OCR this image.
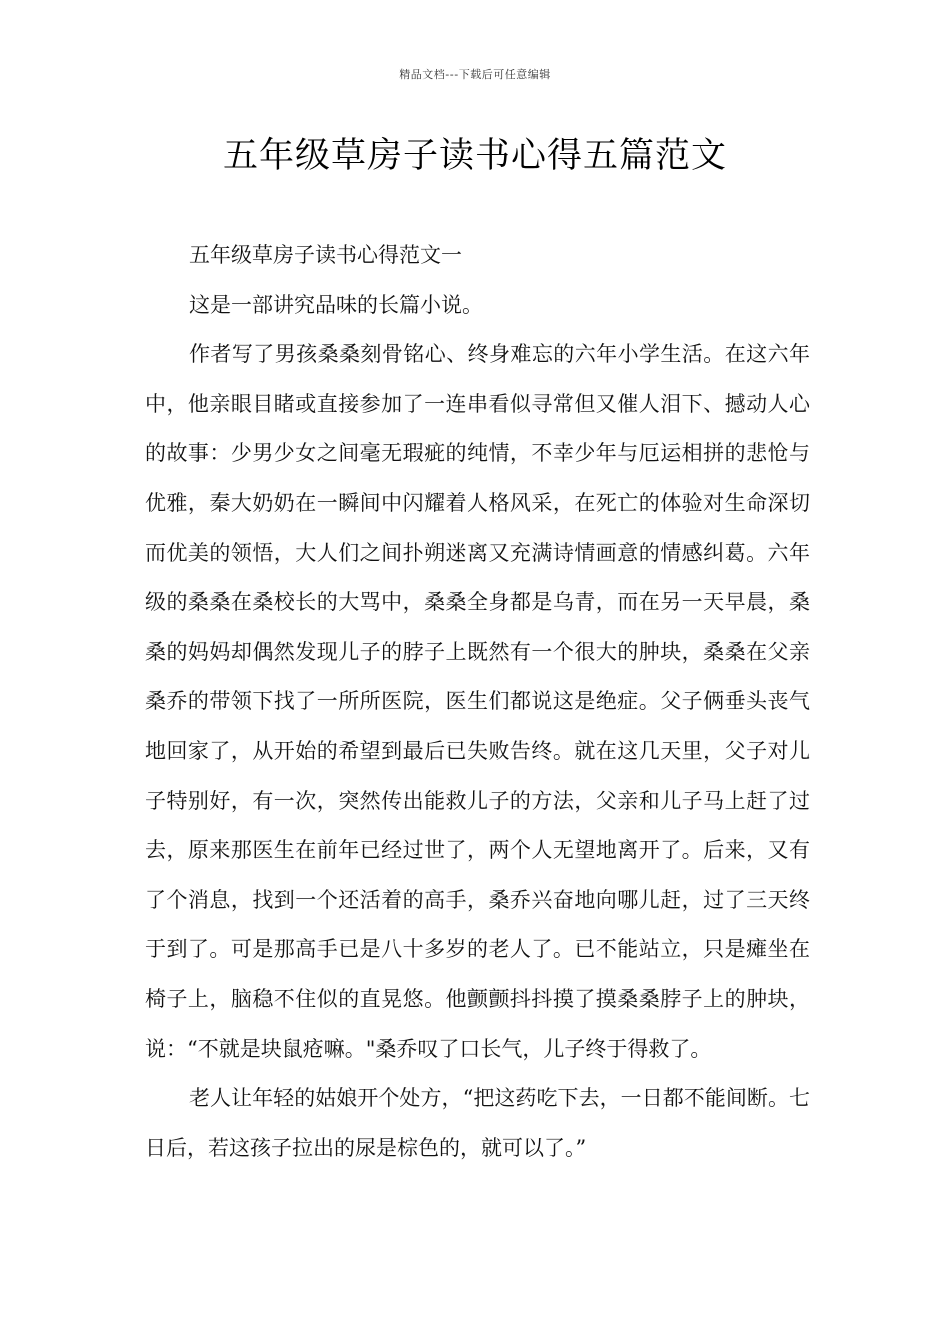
精品文档---下载后可任意编辑
五年级草房子读书心得五篇范文

五年级草房子读书心得范文一

这是一部讲究品味的长篇小说。

作者写了男孩桑桑刻骨铭心、终身难忘的六年小学生活。在这六年中，他亲眼目睹或直接参加了一连串看似寻常但又催人泪下、撼动人心的故事：少男少女之间毫无瑕疵的纯情，不幸少年与厄运相拼的悲怆与优雅，秦大奶奶在一瞬间中闪耀着人格风采，在死亡的体验对生命深切而优美的领悟，大人们之间扑朔迷离又充满诗情画意的情感纠葛。六年级的桑桑在桑校长的大骂中，桑桑全身都是乌青，而在另一天早晨，桑桑的妈妈却偶然发现儿子的脖子上既然有一个很大的肿块，桑桑在父亲桑乔的带领下找了一所所医院，医生们都说这是绝症。父子俩垂头丧气地回家了，从开始的希望到最后已失败告终。就在这几天里，父子对儿子特别好，有一次，突然传出能救儿子的方法，父亲和儿子马上赶了过去，原来那医生在前年已经过世了，两个人无望地离开了。后来，又有了个消息，找到一个还活着的高手，桑乔兴奋地向哪儿赶，过了三天终于到了。可是那高手已是八十多岁的老人了。已不能站立，只是瘫坐在椅子上，脑稳不住似的直晃悠。他颤颤抖抖摸了摸桑桑脖子上的肿块，说：“不就是块鼠疮嘛。"桑乔叹了口长气，儿子终于得救了。

老人让年轻的姑娘开个处方，“把这药吃下去，一日都不能间断。七日后，若这孩子拉出的尿是棕色的，就可以了。”
